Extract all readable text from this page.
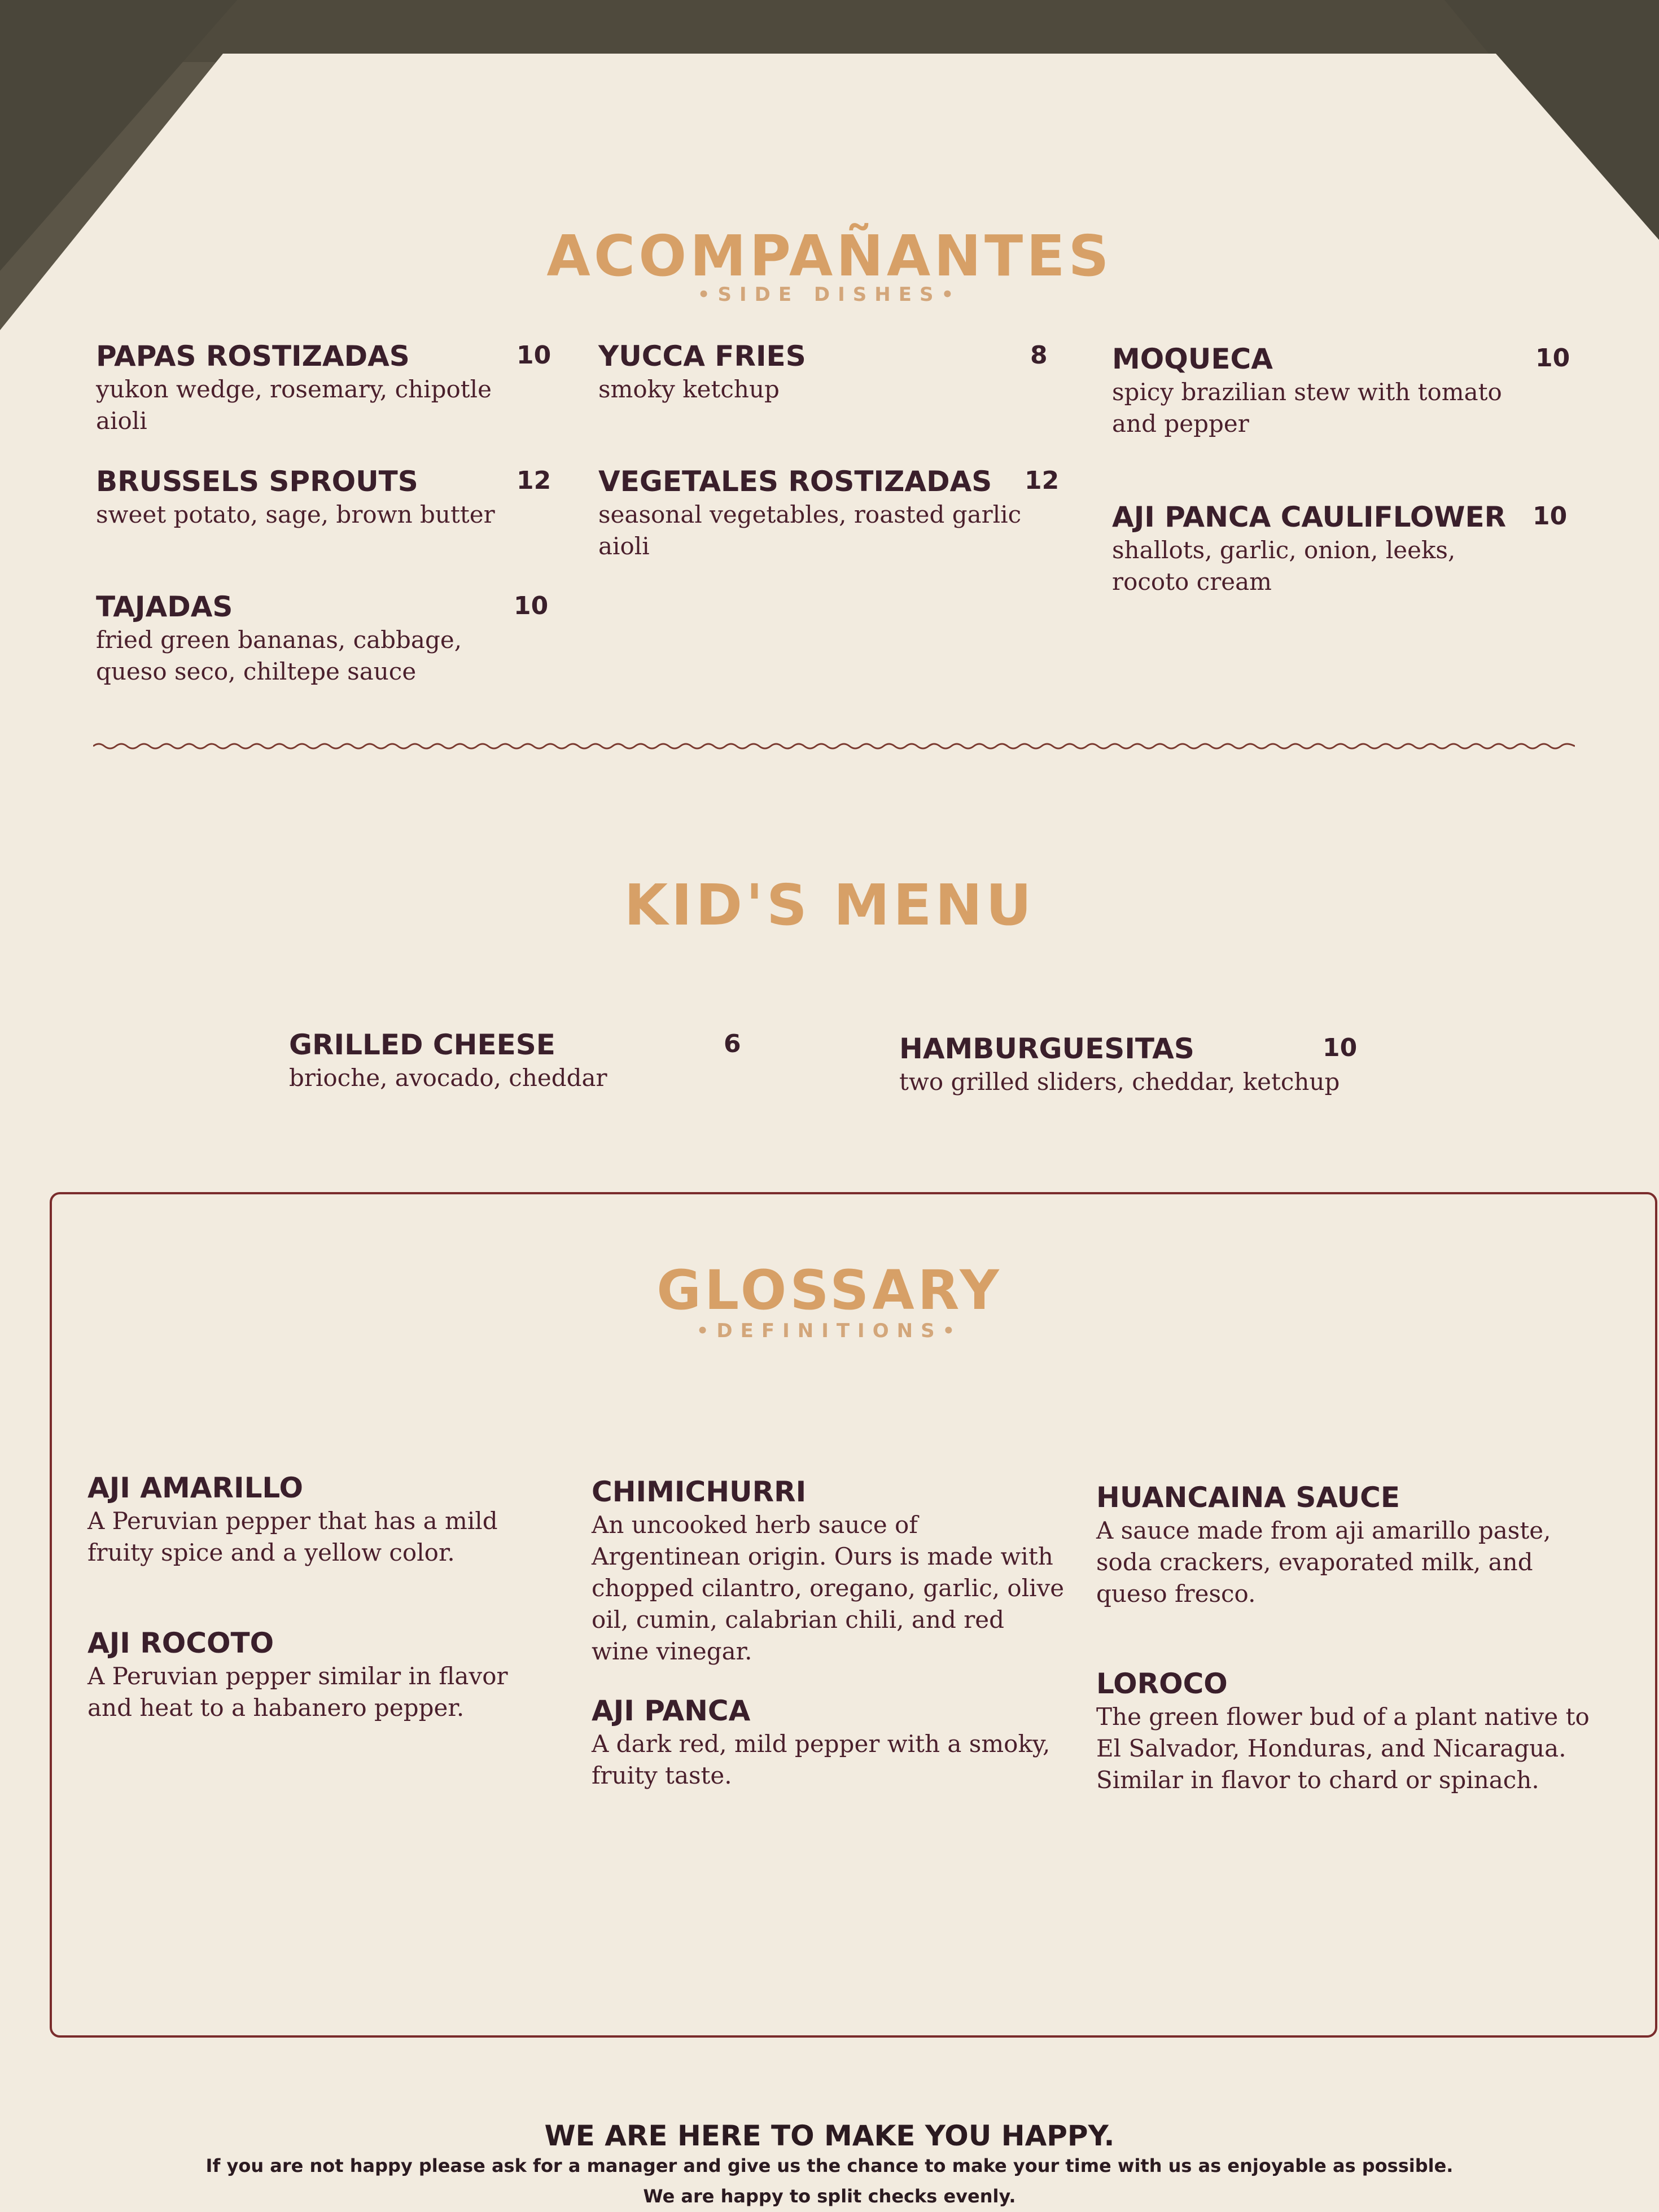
ACOMPAÑANTES
•SIDE DISHES•
PAPAS ROSTIZADAS	10
yukon wedge, rosemary, chipotle aioli
BRUSSELS SPROUTS	12
sweet potato, sage, brown butter
TAJADAS	10
fried green bananas, cabbage, queso seco, chiltepe sauce
YUCCA FRIES	8
smoky ketchup
VEGETALES ROSTIZADAS	12
seasonal vegetables, roasted garlic aioli
MOQUECA	10
spicy brazilian stew with tomato and pepper
AJI PANCA CAULIFLOWER	10
shallots, garlic, onion, leeks, rocoto cream
KID'S MENU
GRILLED CHEESE	6
brioche, avocado, cheddar
HAMBURGUESITAS	10
two grilled sliders, cheddar, ketchup
GLOSSARY
•DEFINITIONS•
AJI AMARILLO
A Peruvian pepper that has a mild fruity spice and a yellow color.
AJI ROCOTO
A Peruvian pepper similar in flavor and heat to a habanero pepper.
CHIMICHURRI
An uncooked herb sauce of Argentinean origin. Ours is made with chopped cilantro, oregano, garlic, olive oil, cumin, calabrian chili, and red wine vinegar.
AJI PANCA
A dark red, mild pepper with a smoky, fruity taste.
HUANCAINA SAUCE
A sauce made from aji amarillo paste, soda crackers, evaporated milk, and queso fresco.
LOROCO
The green flower bud of a plant native to El Salvador, Honduras, and Nicaragua. Similar in flavor to chard or spinach.
WE ARE HERE TO MAKE YOU HAPPY.
If you are not happy please ask for a manager and give us the chance to make your time with us as enjoyable as possible.
We are happy to split checks evenly.
